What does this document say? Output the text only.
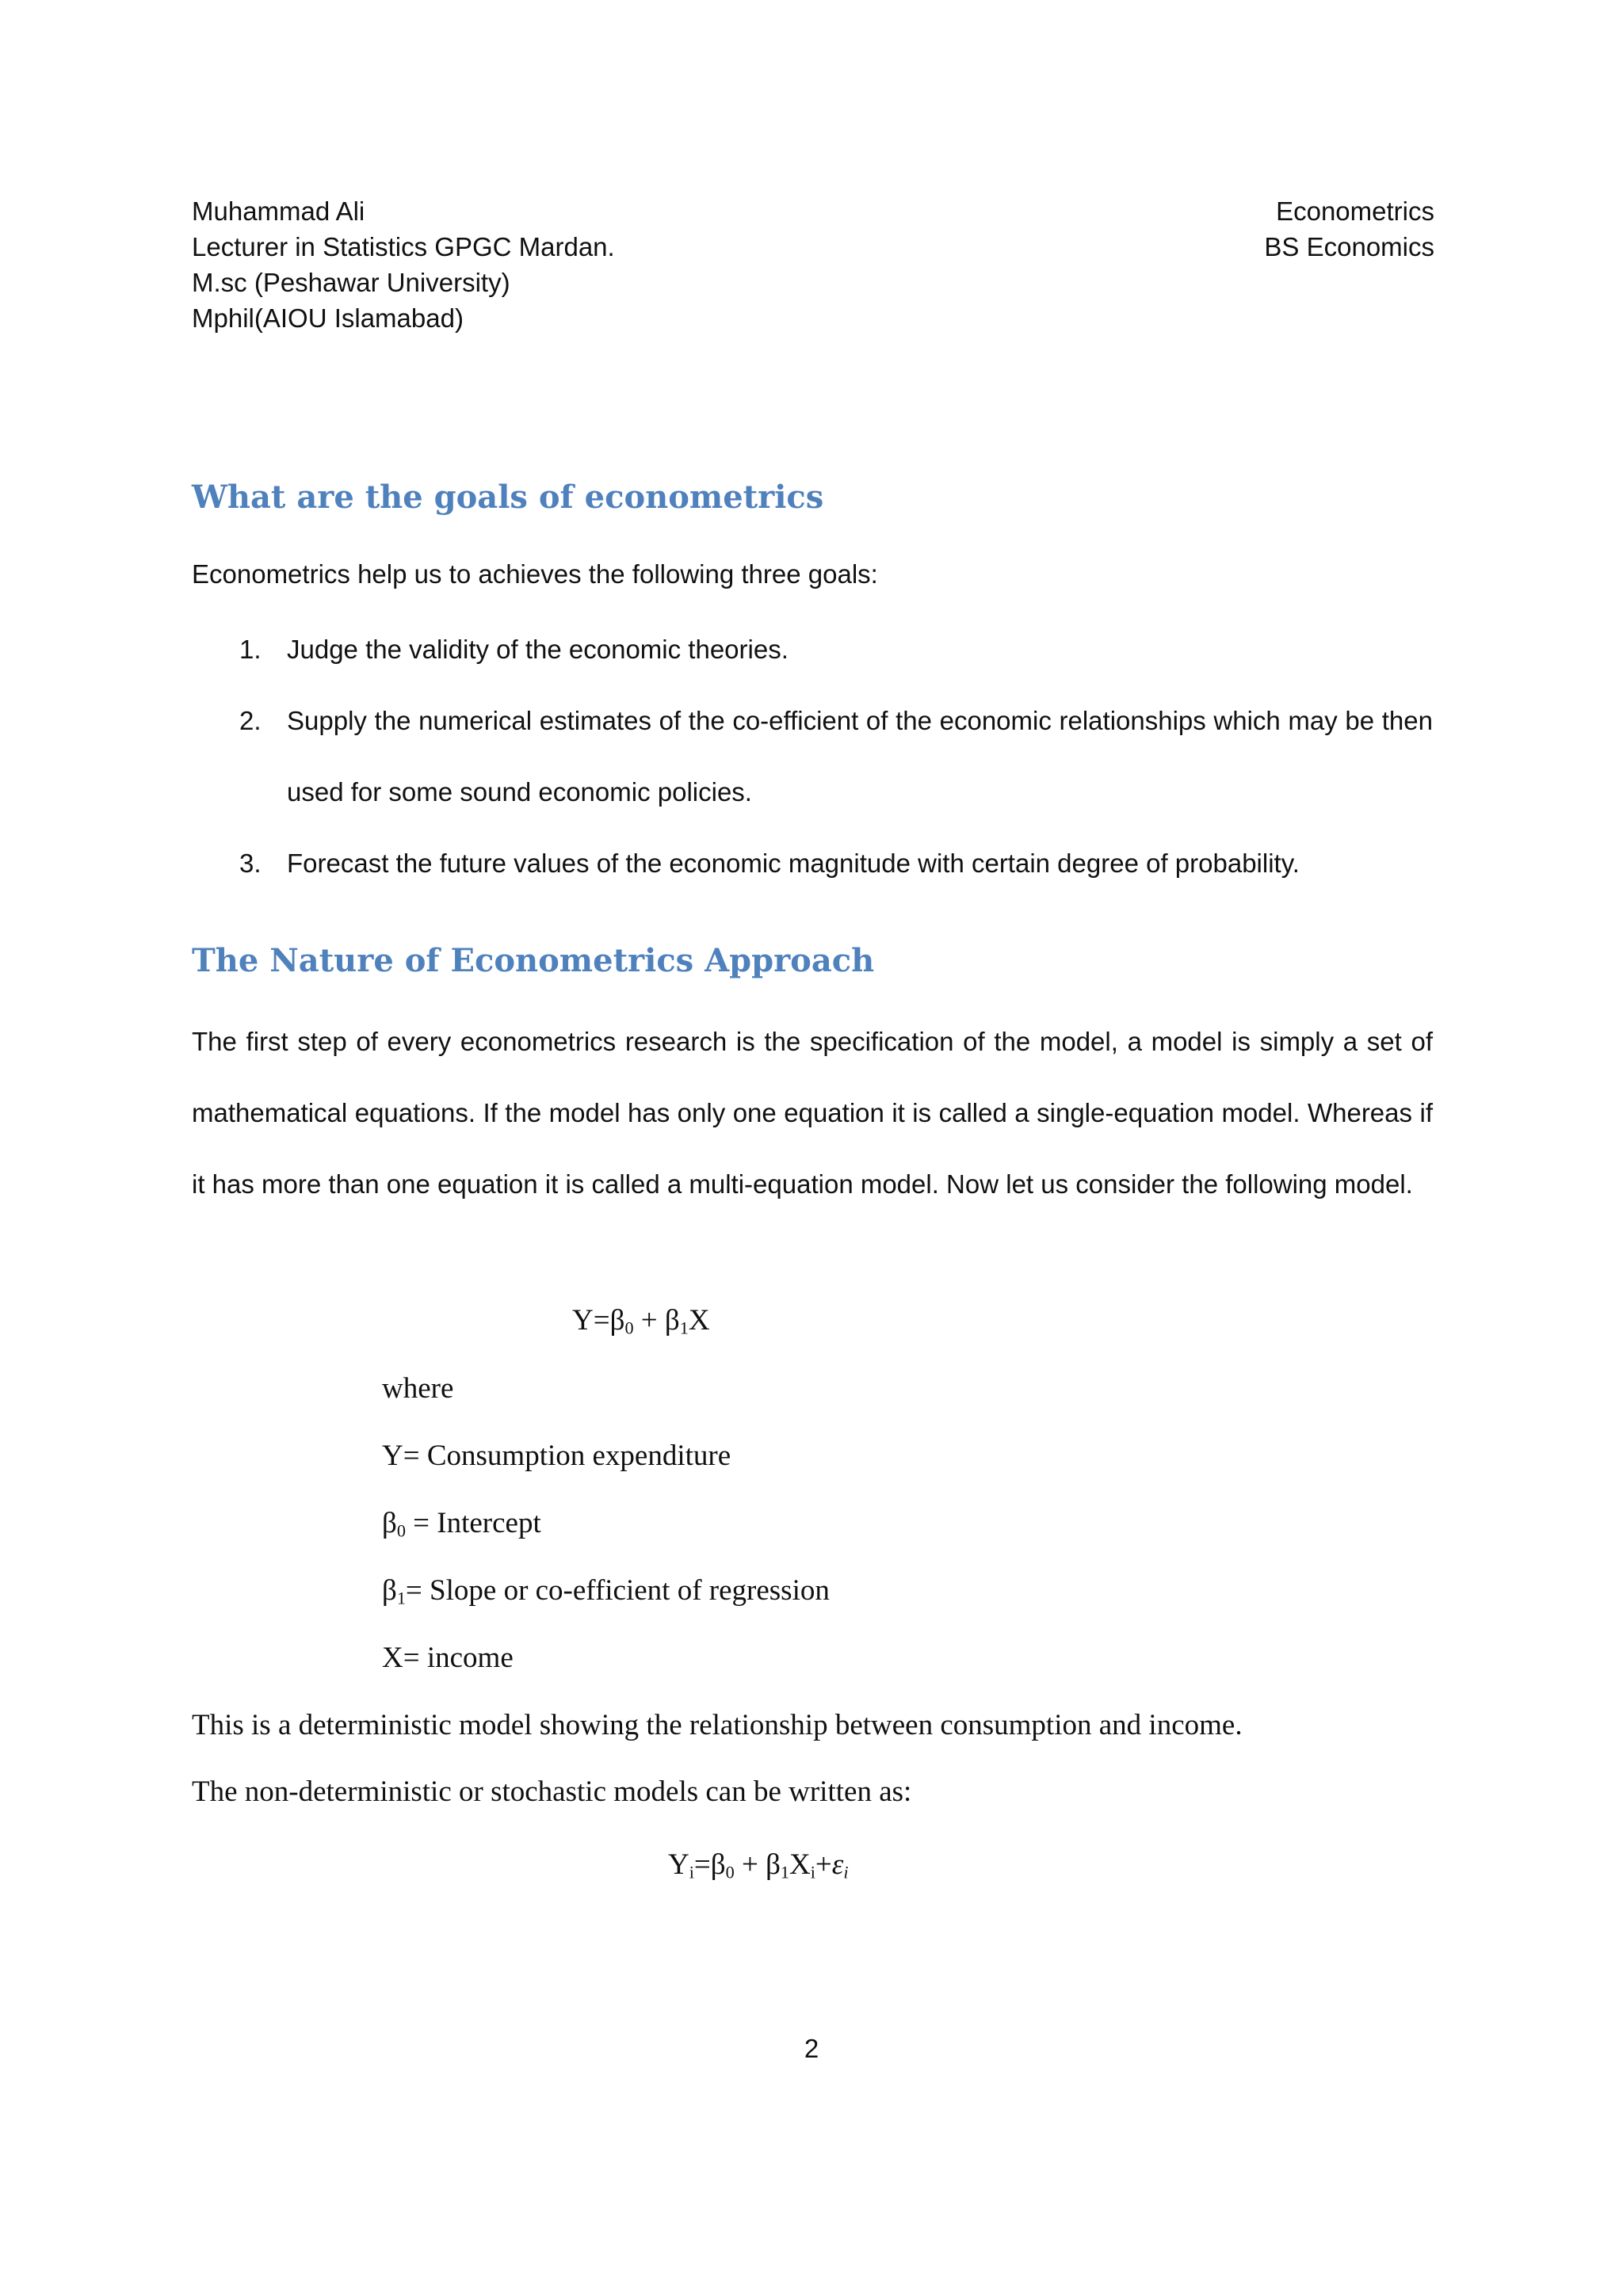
Muhammad Ali
Lecturer in Statistics GPGC Mardan.
M.sc (Peshawar University)
Mphil(AIOU Islamabad)
Econometrics
BS Economics
What are the goals of econometrics
Econometrics help us to achieves the following three goals:
1. Judge the validity of the economic theories.
2. Supply the numerical estimates of the co-efficient of the economic relationships which may be then used for some sound economic policies.
3. Forecast the future values of the economic magnitude with certain degree of probability.
The Nature of Econometrics Approach
The first step of every econometrics research is the specification of the model, a model is simply a set of mathematical equations. If the model has only one equation it is called a single-equation model. Whereas if it has more than one equation it is called a multi-equation model. Now let us consider the following model.
$Y=\beta_0 + \beta_1X$
where
Y= Consumption expenditure
$\beta_0$ = Intercept
$\beta_1=$ Slope or co-efficient of regression
X= income
This is a deterministic model showing the relationship between consumption and income.
The non-deterministic or stochastic models can be written as:
$Y_i=\beta_0 + \beta_1X_i+\varepsilon_i$
2
